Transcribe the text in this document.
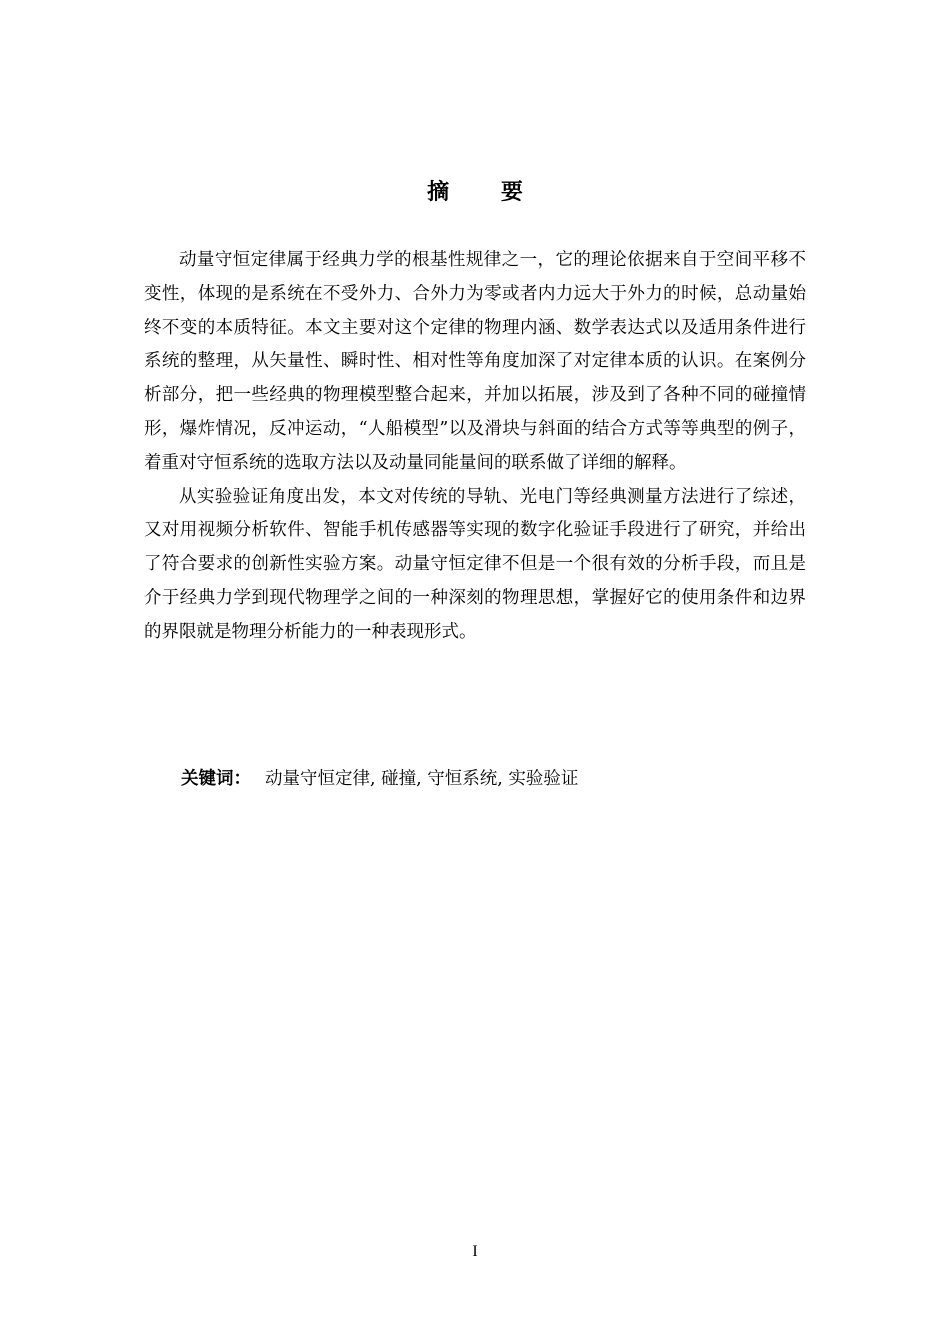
摘 要

动量守恒定律属于经典力学的根基性规律之一，它的理论依据来自于空间平移不变性，体现的是系统在不受外力、合外力为零或者内力远大于外力的时候，总动量始终不变的本质特征。本文主要对这个定律的物理内涵、数学表达式以及适用条件进行系统的整理，从矢量性、瞬时性、相对性等角度加深了对定律本质的认识。在案例分析部分，把一些经典的物理模型整合起来，并加以拓展，涉及到了各种不同的碰撞情形，爆炸情况，反冲运动，“人船模型”以及滑块与斜面的结合方式等等典型的例子，着重对守恒系统的选取方法以及动量同能量间的联系做了详细的解释。

从实验验证角度出发，本文对传统的导轨、光电门等经典测量方法进行了综述，又对用视频分析软件、智能手机传感器等实现的数字化验证手段进行了研究，并给出了符合要求的创新性实验方案。动量守恒定律不但是一个很有效的分析手段，而且是介于经典力学到现代物理学之间的一种深刻的物理思想，掌握好它的使用条件和边界的界限就是物理分析能力的一种表现形式。

关键词： 动量守恒定律, 碰撞, 守恒系统, 实验验证
I
